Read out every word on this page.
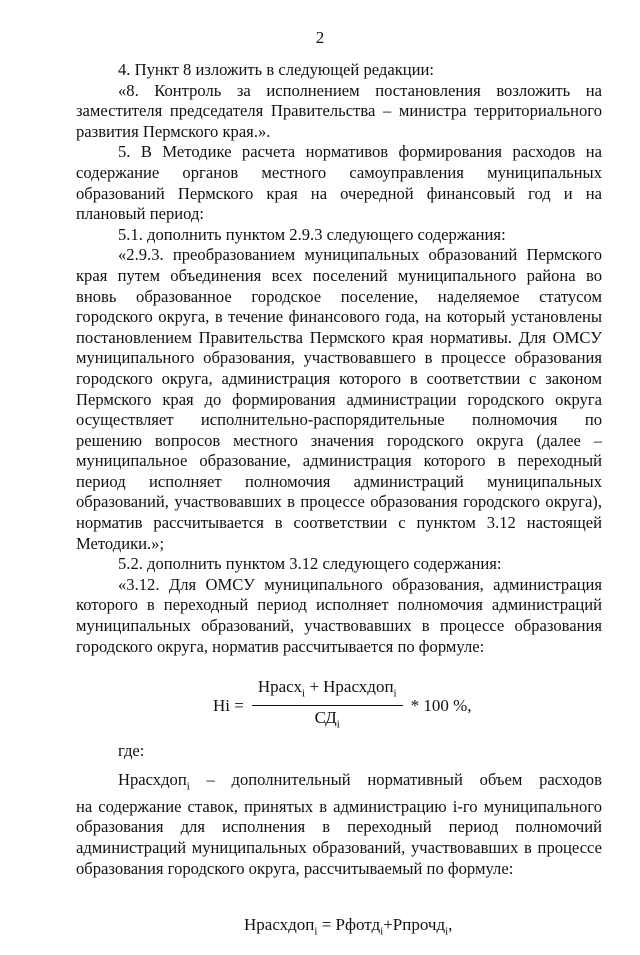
2

4. Пункт 8 изложить в следующей редакции:

«8. Контроль за исполнением постановления возложить на заместителя председателя Правительства – министра территориального развития Пермского края.».

5. В Методике расчета нормативов формирования расходов на содержание органов местного самоуправления муниципальных образований Пермского края на очередной финансовый год и на плановый период:

5.1. дополнить пунктом 2.9.3 следующего содержания:

«2.9.3. преобразованием муниципальных образований Пермского края путем объединения всех поселений муниципального района во вновь образованное городское поселение, наделяемое статусом городского округа, в течение финансового года, на который установлены постановлением Правительства Пермского края нормативы. Для ОМСУ муниципального образования, участвовавшего в процессе образования городского округа, администрация которого в соответствии с законом Пермского края до формирования администрации городского округа осуществляет исполнительно-распорядительные полномочия по решению вопросов местного значения городского округа (далее – муниципальное образование, администрация которого в переходный период исполняет полномочия администраций муниципальных образований, участвовавших в процессе образования городского округа), норматив рассчитывается в соответствии с пунктом 3.12 настоящей Методики.»;

5.2. дополнить пунктом 3.12 следующего содержания:

«3.12. Для ОМСУ муниципального образования, администрация которого в переходный период исполняет полномочия администраций муниципальных образований, участвовавших в процессе образования городского округа, норматив рассчитывается по формуле:

$Hi = \frac{Нрасх_i + Нрасхдоп_i}{СД_i} * 100$ %,

где:

Нрасхдоп$_i$ – дополнительный нормативный объем расходов

на содержание ставок, принятых в администрацию i-го муниципального образования для исполнения в переходный период полномочий администраций муниципальных образований, участвовавших в процессе образования городского округа, рассчитываемый по формуле:

Нрасхдоп$_i$ = Рфотд$_i$+Рпрочд$_i$,
